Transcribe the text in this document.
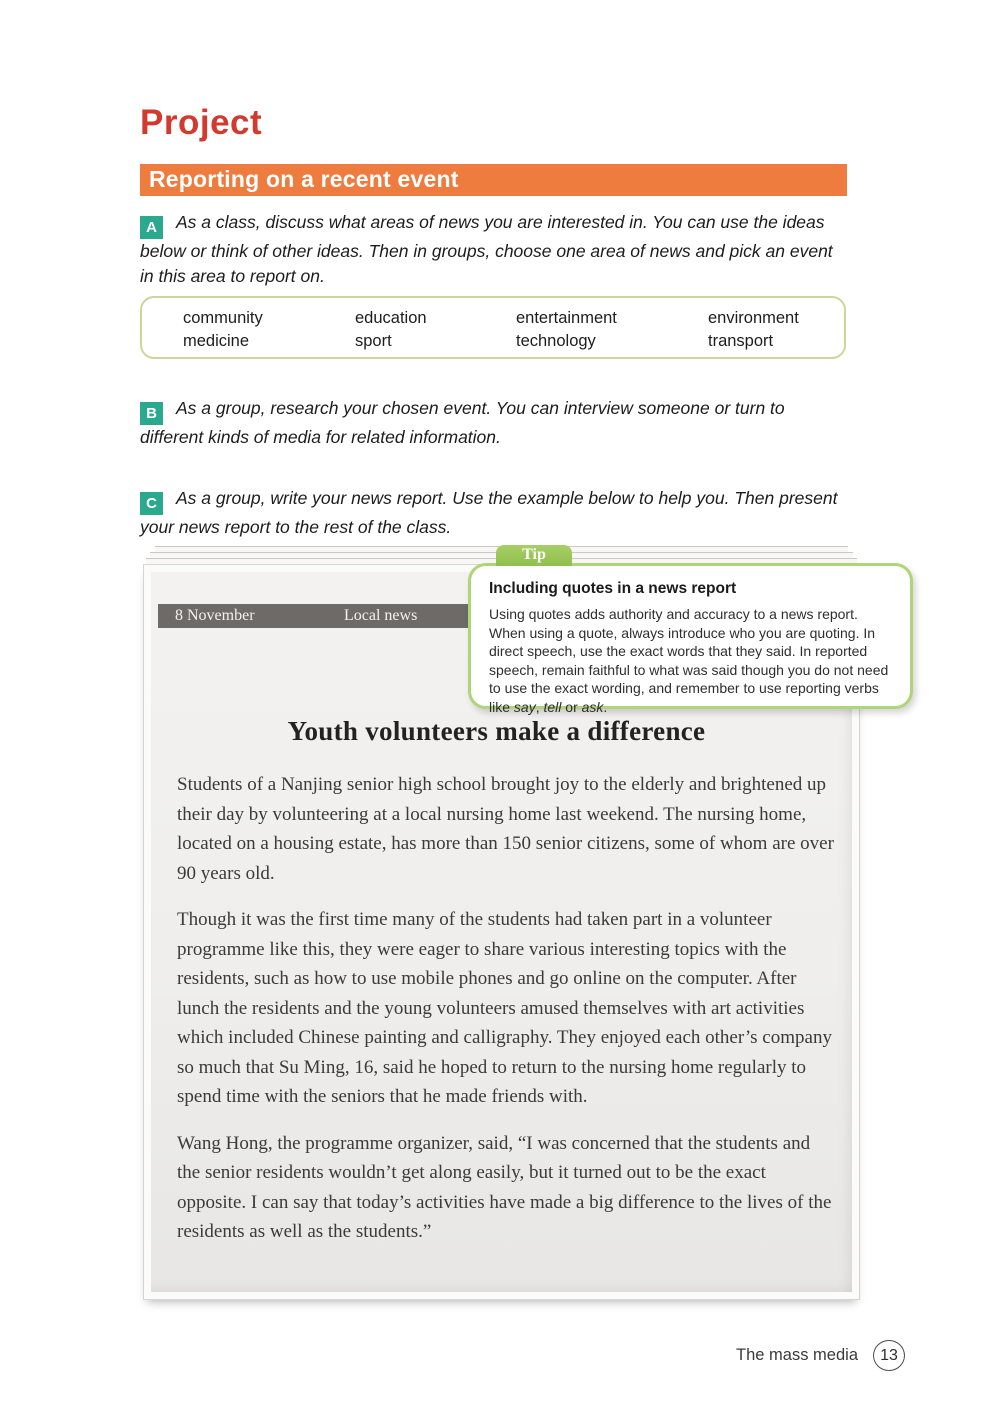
Project
Reporting on a recent event

A As a class, discuss what areas of news you are interested in. You can use the ideas below or think of other ideas. Then in groups, choose one area of news and pick an event in this area to report on.

community	education	entertainment	environment
medicine	sport	technology	transport

B As a group, research your chosen event. You can interview someone or turn to different kinds of media for related information.

C As a group, write your news report. Use the example below to help you. Then present your news report to the rest of the class.

8 November	Local news
Youth volunteers make a difference

Students of a Nanjing senior high school brought joy to the elderly and brightened up their day by volunteering at a local nursing home last weekend. The nursing home, located on a housing estate, has more than 150 senior citizens, some of whom are over 90 years old.

Though it was the first time many of the students had taken part in a volunteer programme like this, they were eager to share various interesting topics with the residents, such as how to use mobile phones and go online on the computer. After lunch the residents and the young volunteers amused themselves with art activities which included Chinese painting and calligraphy. They enjoyed each other’s company so much that Su Ming, 16, said he hoped to return to the nursing home regularly to spend time with the seniors that he made friends with.

Wang Hong, the programme organizer, said, “I was concerned that the students and the senior residents wouldn’t get along easily, but it turned out to be the exact opposite. I can say that today’s activities have made a big difference to the lives of the residents as well as the students.”

Tip
Including quotes in a news report

Using quotes adds authority and accuracy to a news report. When using a quote, always introduce who you are quoting. In direct speech, use the exact words that they said. In reported speech, remain faithful to what was said though you do not need to use the exact wording, and remember to use reporting verbs like say, tell or ask.

The mass media	13
